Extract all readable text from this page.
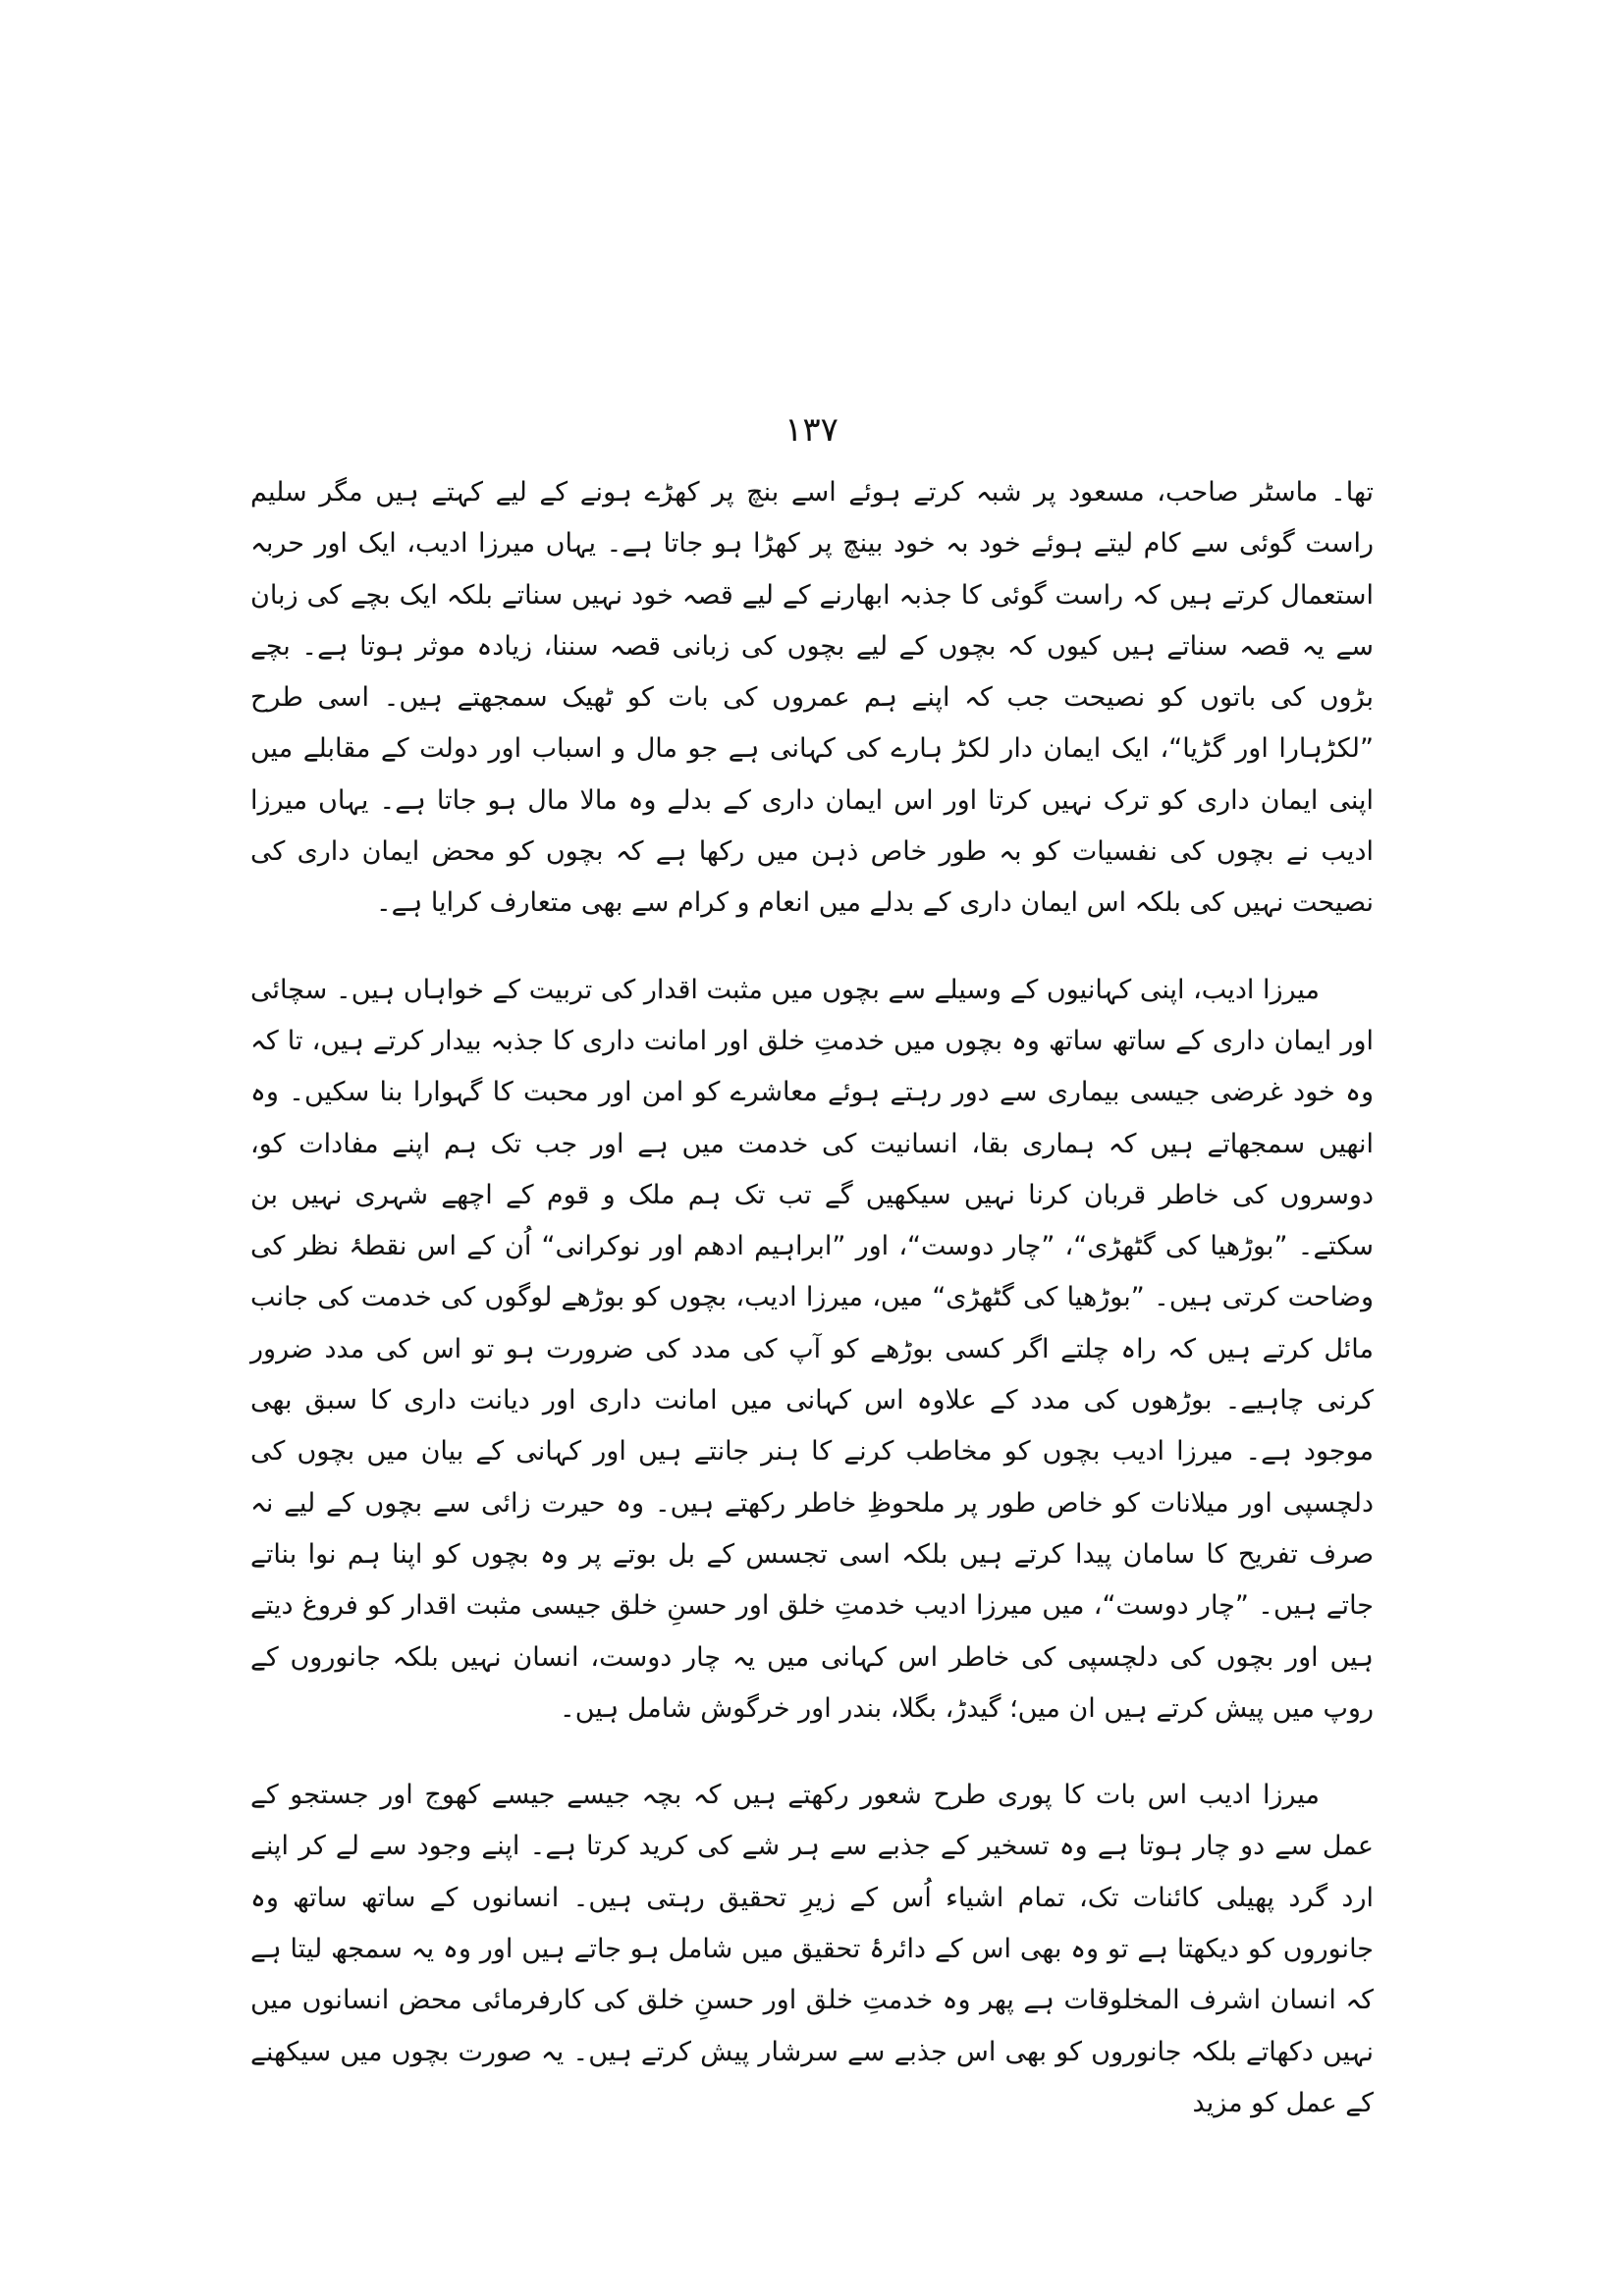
۱۳۷

تھا۔ ماسٹر صاحب، مسعود پر شبہ کرتے ہوئے اسے بنچ پر کھڑے ہونے کے لیے کہتے ہیں مگر سلیم راست گوئی سے کام لیتے ہوئے خود بہ خود بینچ پر کھڑا ہو جاتا ہے۔ یہاں میرزا ادیب، ایک اور حربہ استعمال کرتے ہیں کہ راست گوئی کا جذبہ ابھارنے کے لیے قصہ خود نہیں سناتے بلکہ ایک بچے کی زبان سے یہ قصہ سناتے ہیں کیوں کہ بچوں کے لیے بچوں کی زبانی قصہ سننا، زیادہ موثر ہوتا ہے۔ بچے بڑوں کی باتوں کو نصیحت جب کہ اپنے ہم عمروں کی بات کو ٹھیک سمجھتے ہیں۔ اسی طرح ”لکڑہارا اور گڑیا“، ایک ایمان دار لکڑ ہارے کی کہانی ہے جو مال و اسباب اور دولت کے مقابلے میں اپنی ایمان داری کو ترک نہیں کرتا اور اس ایمان داری کے بدلے وہ مالا مال ہو جاتا ہے۔ یہاں میرزا ادیب نے بچوں کی نفسیات کو بہ طور خاص ذہن میں رکھا ہے کہ بچوں کو محض ایمان داری کی نصیحت نہیں کی بلکہ اس ایمان داری کے بدلے میں انعام و کرام سے بھی متعارف کرایا ہے۔

میرزا ادیب، اپنی کہانیوں کے وسیلے سے بچوں میں مثبت اقدار کی تربیت کے خواہاں ہیں۔ سچائی اور ایمان داری کے ساتھ ساتھ وہ بچوں میں خدمتِ خلق اور امانت داری کا جذبہ بیدار کرتے ہیں، تا کہ وہ خود غرضی جیسی بیماری سے دور رہتے ہوئے معاشرے کو امن اور محبت کا گہوارا بنا سکیں۔ وہ انھیں سمجھاتے ہیں کہ ہماری بقا، انسانیت کی خدمت میں ہے اور جب تک ہم اپنے مفادات کو، دوسروں کی خاطر قربان کرنا نہیں سیکھیں گے تب تک ہم ملک و قوم کے اچھے شہری نہیں بن سکتے۔ ”بوڑھیا کی گٹھڑی“، ”چار دوست“، اور ”ابراہیم ادھم اور نوکرانی“ اُن کے اس نقطۂ نظر کی وضاحت کرتی ہیں۔ ”بوڑھیا کی گٹھڑی“ میں، میرزا ادیب، بچوں کو بوڑھے لوگوں کی خدمت کی جانب مائل کرتے ہیں کہ راہ چلتے اگر کسی بوڑھے کو آپ کی مدد کی ضرورت ہو تو اس کی مدد ضرور کرنی چاہیے۔ بوڑھوں کی مدد کے علاوہ اس کہانی میں امانت داری اور دیانت داری کا سبق بھی موجود ہے۔ میرزا ادیب بچوں کو مخاطب کرنے کا ہنر جانتے ہیں اور کہانی کے بیان میں بچوں کی دلچسپی اور میلانات کو خاص طور پر ملحوظِ خاطر رکھتے ہیں۔ وہ حیرت زائی سے بچوں کے لیے نہ صرف تفریح کا سامان پیدا کرتے ہیں بلکہ اسی تجسس کے بل بوتے پر وہ بچوں کو اپنا ہم نوا بناتے جاتے ہیں۔ ”چار دوست“، میں میرزا ادیب خدمتِ خلق اور حسنِ خلق جیسی مثبت اقدار کو فروغ دیتے ہیں اور بچوں کی دلچسپی کی خاطر اس کہانی میں یہ چار دوست، انسان نہیں بلکہ جانوروں کے روپ میں پیش کرتے ہیں ان میں؛ گیدڑ، بگلا، بندر اور خرگوش شامل ہیں۔

میرزا ادیب اس بات کا پوری طرح شعور رکھتے ہیں کہ بچہ جیسے جیسے کھوج اور جستجو کے عمل سے دو چار ہوتا ہے وہ تسخیر کے جذبے سے ہر شے کی کرید کرتا ہے۔ اپنے وجود سے لے کر اپنے ارد گرد پھیلی کائنات تک، تمام اشیاء اُس کے زیرِ تحقیق رہتی ہیں۔ انسانوں کے ساتھ ساتھ وہ جانوروں کو دیکھتا ہے تو وہ بھی اس کے دائرۂ تحقیق میں شامل ہو جاتے ہیں اور وہ یہ سمجھ لیتا ہے کہ انسان اشرف المخلوقات ہے پھر وہ خدمتِ خلق اور حسنِ خلق کی کارفرمائی محض انسانوں میں نہیں دکھاتے بلکہ جانوروں کو بھی اس جذبے سے سرشار پیش کرتے ہیں۔ یہ صورت بچوں میں سیکھنے کے عمل کو مزید
